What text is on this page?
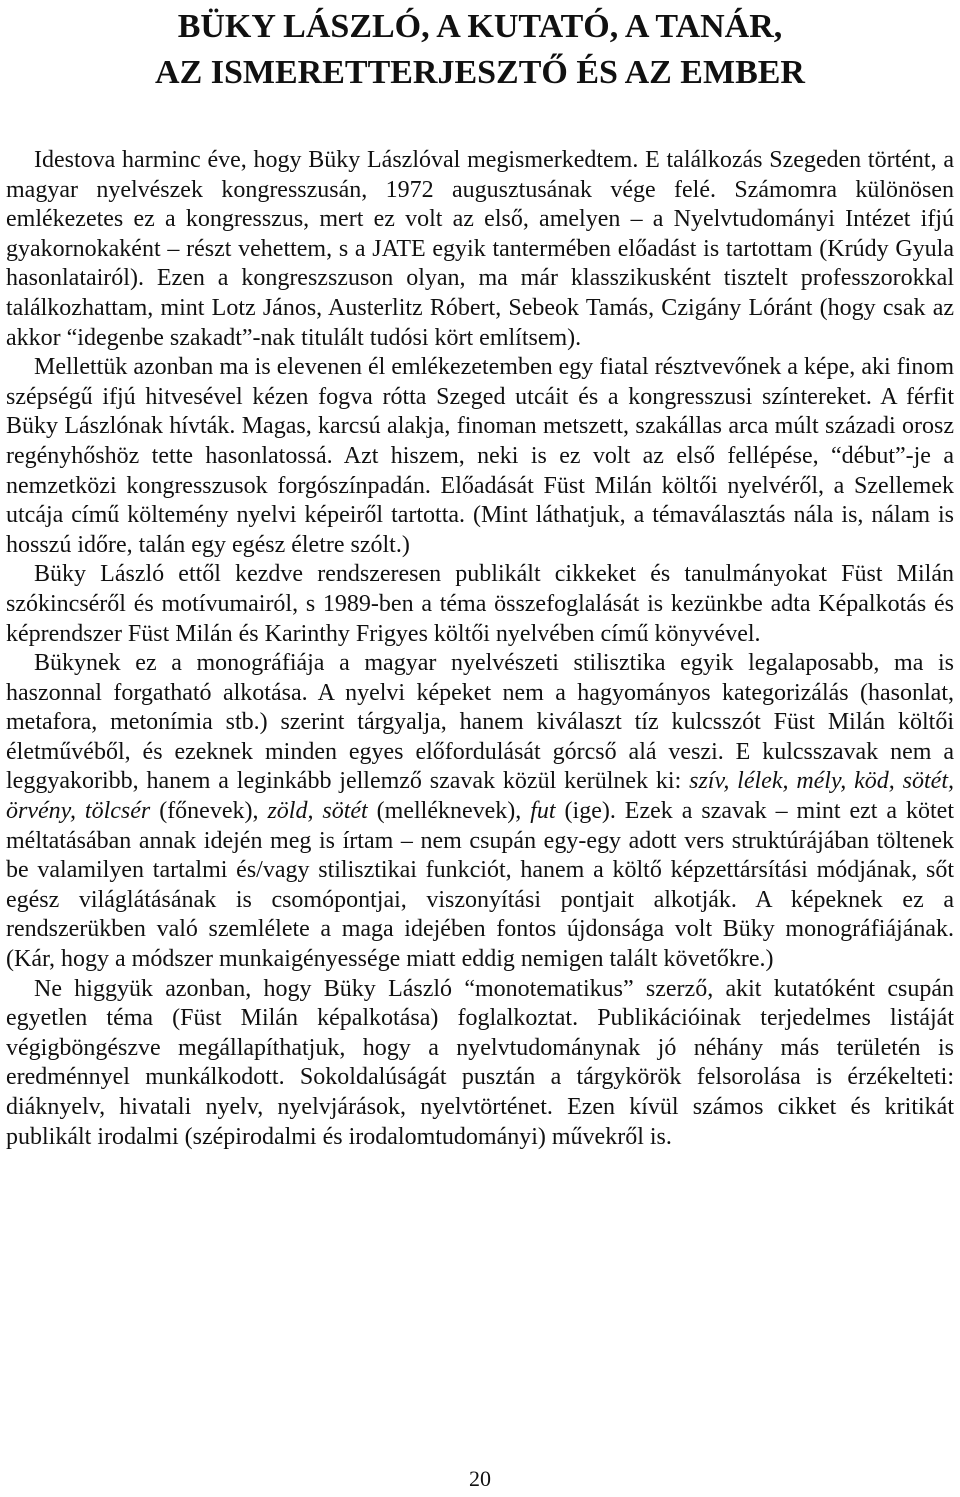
BÜKY LÁSZLÓ, A KUTATÓ, A TANÁR,
AZ ISMERETTERJESZTŐ ÉS AZ EMBER

Idestova harminc éve, hogy Büky Lászlóval megismerkedtem. E találkozás Szegeden történt, a magyar nyelvészek kongresszusán, 1972 augusztusának vége felé. Számomra különösen emlékezetes ez a kongresszus, mert ez volt az első, amelyen – a Nyelvtudományi Intézet ifjú gyakornokaként – részt vehettem, s a JATE egyik tantermében előadást is tartottam (Krúdy Gyula hasonlatairól). Ezen a kongreszszuson olyan, ma már klasszikusként tisztelt professzorokkal találkozhattam, mint Lotz János, Austerlitz Róbert, Sebeok Tamás, Czigány Lóránt (hogy csak az akkor “idegenbe szakadt”-nak titulált tudósi kört említsem).

Mellettük azonban ma is elevenen él emlékezetemben egy fiatal résztvevőnek a képe, aki finom szépségű ifjú hitvesével kézen fogva rótta Szeged utcáit és a kongresszusi színtereket. A férfit Büky Lászlónak hívták. Magas, karcsú alakja, finoman metszett, szakállas arca múlt századi orosz regényhőshöz tette hasonlatossá. Azt hiszem, neki is ez volt az első fellépése, “début”-je a nemzetközi kongresszusok forgószínpadán. Előadását Füst Milán költői nyelvéről, a Szellemek utcája című költemény nyelvi képeiről tartotta. (Mint láthatjuk, a témaválasztás nála is, nálam is hosszú időre, talán egy egész életre szólt.)

Büky László ettől kezdve rendszeresen publikált cikkeket és tanulmányokat Füst Milán szókincséről és motívumairól, s 1989-ben a téma összefoglalását is kezünkbe adta Képalkotás és képrendszer Füst Milán és Karinthy Frigyes költői nyelvében című könyvével.

Bükynek ez a monográfiája a magyar nyelvészeti stilisztika egyik legalaposabb, ma is haszonnal forgatható alkotása. A nyelvi képeket nem a hagyományos kategorizálás (hasonlat, metafora, metonímia stb.) szerint tárgyalja, hanem kiválaszt tíz kulcsszót Füst Milán költői életművéből, és ezeknek minden egyes előfordulását górcső alá veszi. E kulcsszavak nem a leggyakoribb, hanem a leginkább jellemző szavak közül kerülnek ki: szív, lélek, mély, köd, sötét, örvény, tölcsér (főnevek), zöld, sötét (melléknevek), fut (ige). Ezek a szavak – mint ezt a kötet méltatásában annak idején meg is írtam – nem csupán egy-egy adott vers struktúrájában töltenek be valamilyen tartalmi és/vagy stilisztikai funkciót, hanem a költő képzettársítási módjának, sőt egész világlátásának is csomópontjai, viszonyítási pontjait alkotják. A képeknek ez a rendszerükben való szemlélete a maga idejében fontos újdonsága volt Büky monográfiájának. (Kár, hogy a módszer munkaigényessége miatt eddig nemigen talált követőkre.)

Ne higgyük azonban, hogy Büky László “monotematikus” szerző, akit kutatóként csupán egyetlen téma (Füst Milán képalkotása) foglalkoztat. Publikációinak terjedelmes listáját végigböngészve megállapíthatjuk, hogy a nyelvtudománynak jó néhány más területén is eredménnyel munkálkodott. Sokoldalúságát pusztán a tárgykörök felsorolása is érzékelteti: diáknyelv, hivatali nyelv, nyelvjárások, nyelvtörténet. Ezen kívül számos cikket és kritikát publikált irodalmi (szépirodalmi és irodalomtudományi) művekről is.

20
